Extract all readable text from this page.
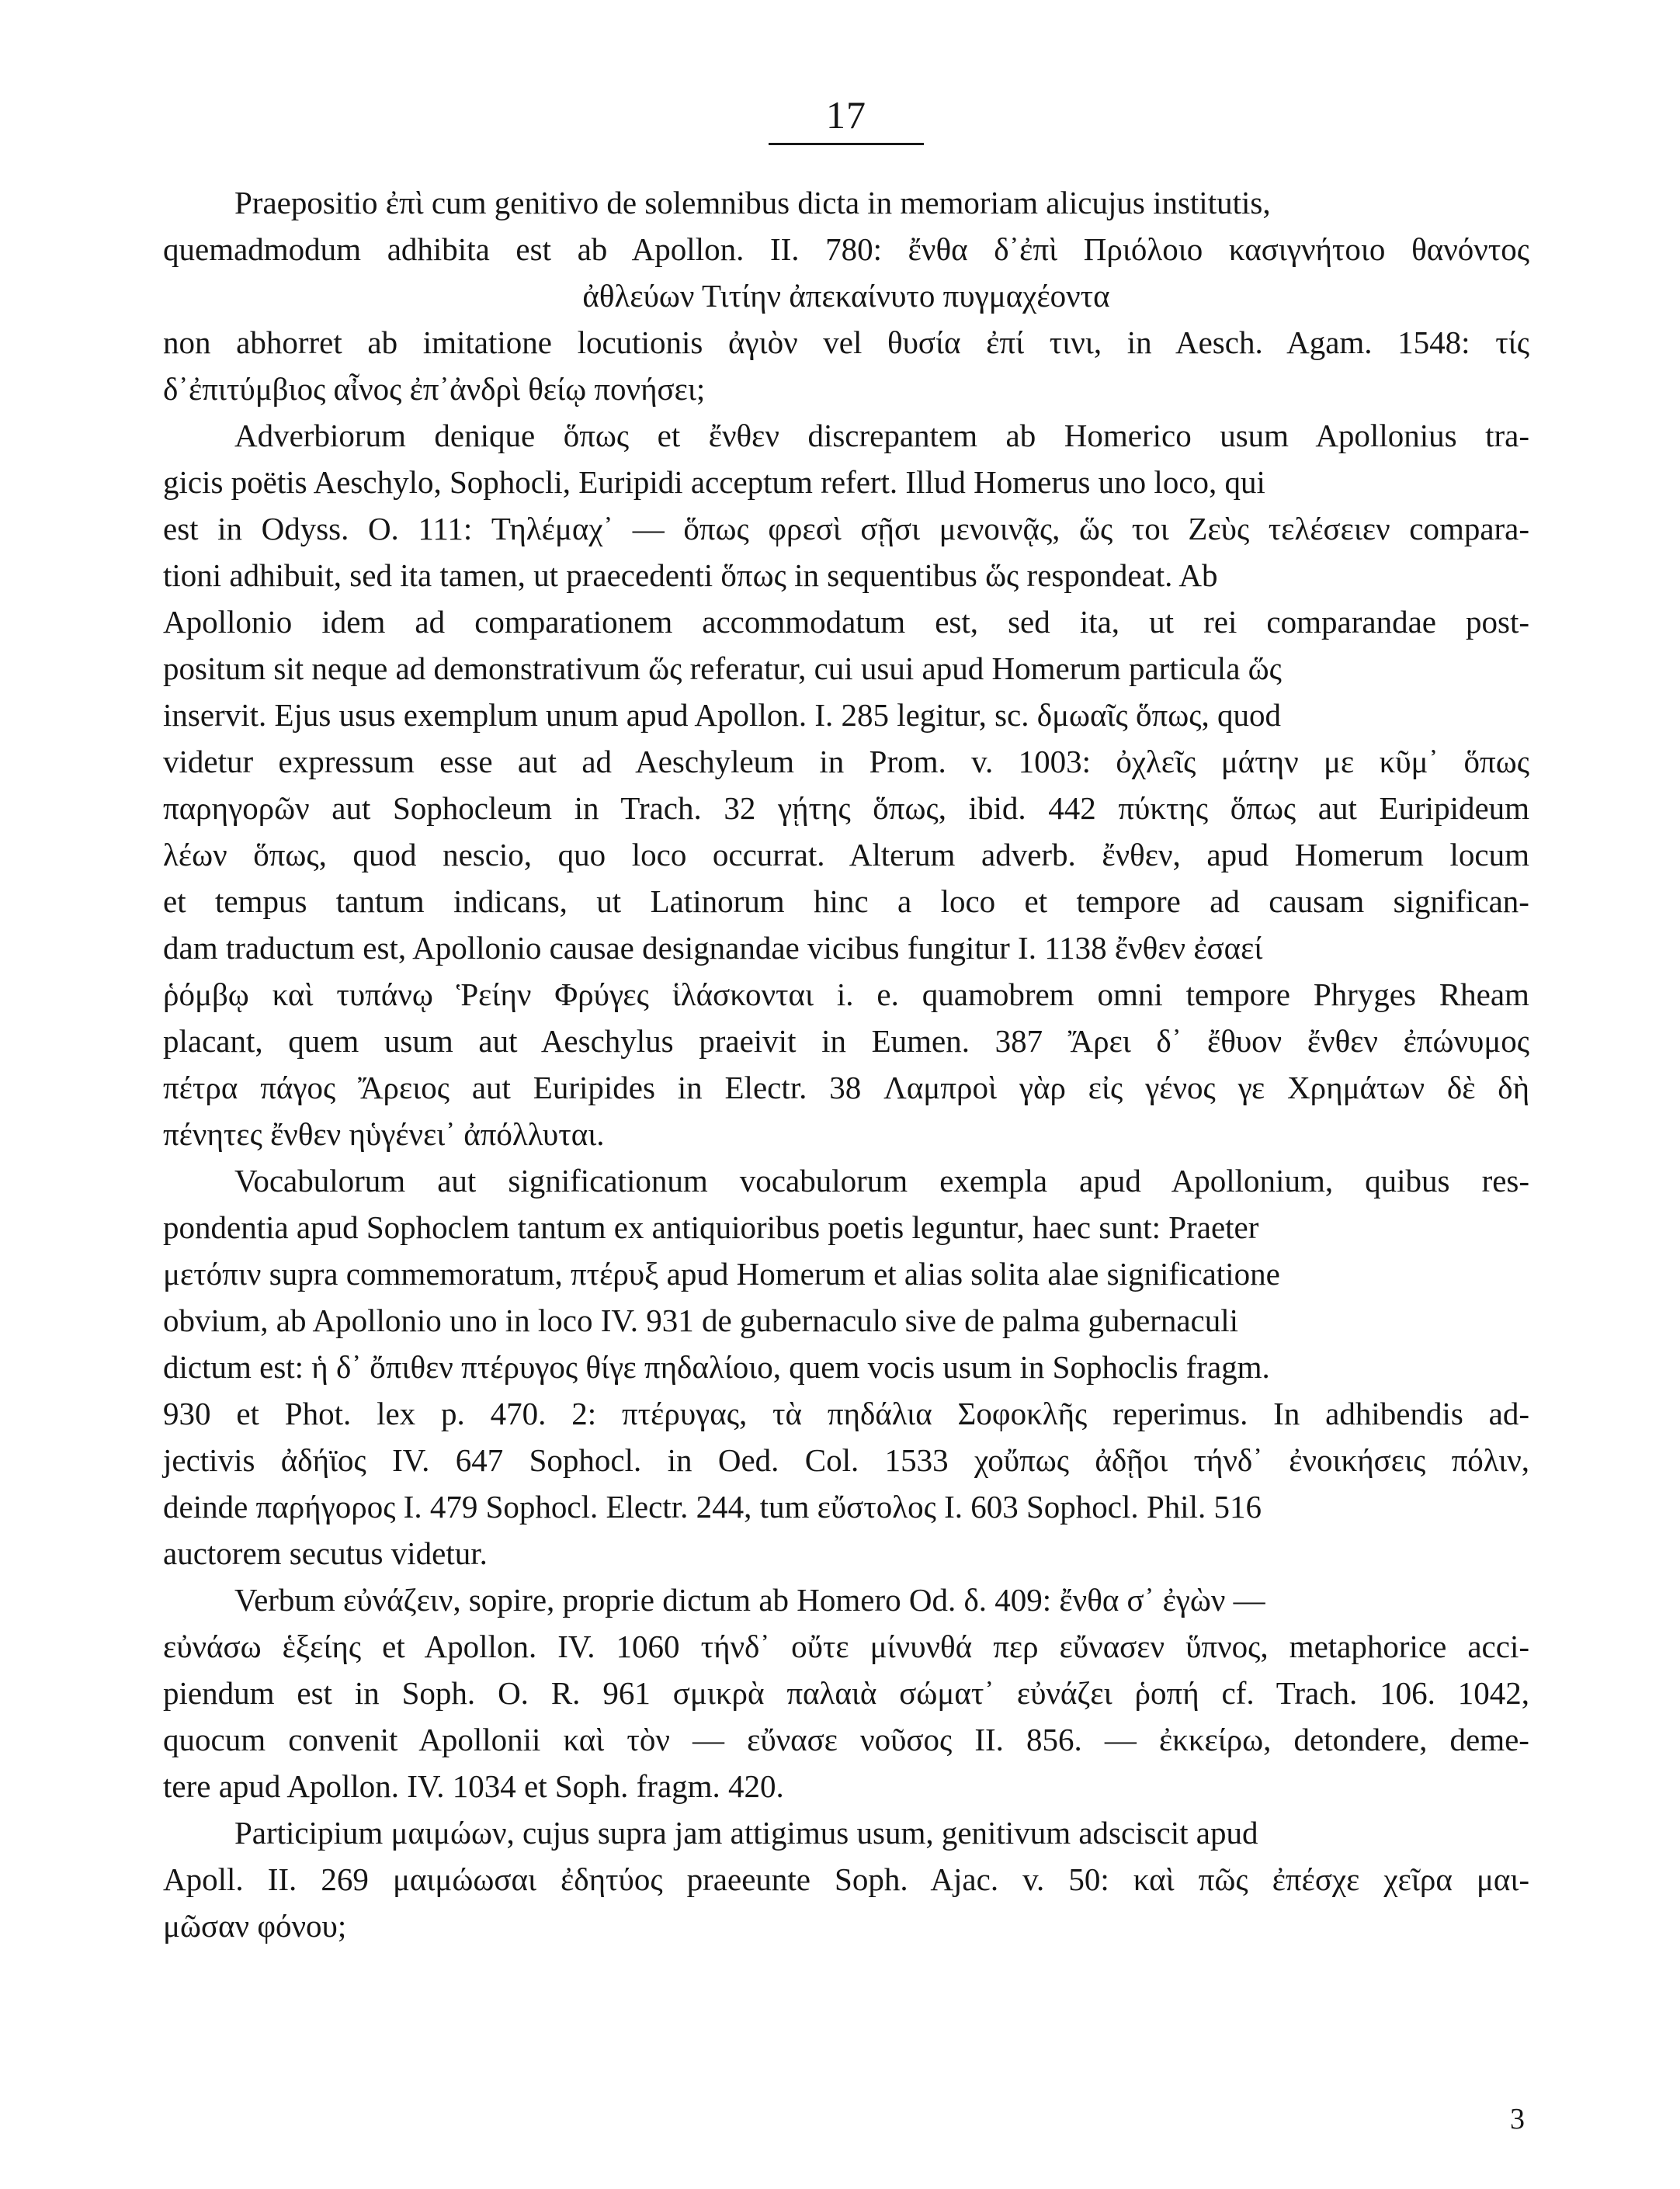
17
Praepositio ἐπὶ cum genitivo de solemnibus dicta in memoriam alicujus institutis,
quemadmodum adhibita est ab Apollon. II. 780: ἔνθα δ᾿ἐπὶ Πριόλοιο κασιγνήτοιο θανόντος
ἀθλεύων Τιτίην ἀπεκαίνυτο πυγμαχέοντα
non abhorret ab imitatione locutionis ἀγιὸν vel θυσία ἐπί τινι, in Aesch. Agam. 1548: τίς
δ᾿ἐπιτύμβιος αἶνος ἐπ᾿ἀνδρὶ θείῳ πονήσει;
Adverbiorum denique ὅπως et ἔνθεν discrepantem ab Homerico usum Apollonius tra-
gicis poëtis Aeschylo, Sophocli, Euripidi acceptum refert. Illud Homerus uno loco, qui
est in Odyss. O. 111: Τηλέμαχ᾿ — ὅπως φρεσὶ σῇσι μενοινᾷς, ὥς τοι Ζεὺς τελέσειεν compara-
tioni adhibuit, sed ita tamen, ut praecedenti ὅπως in sequentibus ὥς respondeat. Ab
Apollonio idem ad comparationem accommodatum est, sed ita, ut rei comparandae post-
positum sit neque ad demonstrativum ὥς referatur, cui usui apud Homerum particula ὥς
inservit. Ejus usus exemplum unum apud Apollon. I. 285 legitur, sc. δμωαῖς ὅπως, quod
videtur expressum esse aut ad Aeschyleum in Prom. v. 1003: ὀχλεῖς μάτην με κῦμ᾿ ὅπως
παρηγορῶν aut Sophocleum in Trach. 32 γῄτης ὅπως, ibid. 442 πύκτης ὅπως aut Euripideum
λέων ὅπως, quod nescio, quo loco occurrat. Alterum adverb. ἔνθεν, apud Homerum locum
et tempus tantum indicans, ut Latinorum hinc a loco et tempore ad causam significan-
dam traductum est, Apollonio causae designandae vicibus fungitur I. 1138 ἔνθεν ἐσαεί
ῥόμβῳ καὶ τυπάνῳ Ῥείην Φρύγες ἱλάσκονται i. e. quamobrem omni tempore Phryges Rheam
placant, quem usum aut Aeschylus praeivit in Eumen. 387 Ἄρει δ᾿ ἔθυον ἔνθεν ἐπώνυμος
πέτρα πάγος Ἄρειος aut Euripides in Electr. 38 Λαμπροὶ γὰρ εἰς γένος γε Χρημάτων δὲ δὴ
πένητες ἔνθεν ηὑγένει᾿ ἀπόλλυται.
Vocabulorum aut significationum vocabulorum exempla apud Apollonium, quibus res-
pondentia apud Sophoclem tantum ex antiquioribus poetis leguntur, haec sunt: Praeter
μετόπιν supra commemoratum, πτέρυξ apud Homerum et alias solita alae significatione
obvium, ab Apollonio uno in loco IV. 931 de gubernaculo sive de palma gubernaculi
dictum est: ἡ δ᾿ ὄπιθεν πτέρυγος θίγε πηδαλίοιο, quem vocis usum in Sophoclis fragm.
930 et Phot. lex p. 470. 2: πτέρυγας, τὰ πηδάλια Σοφοκλῆς reperimus. In adhibendis ad-
jectivis ἀδήϊος IV. 647 Sophocl. in Oed. Col. 1533 χοὔπως ἀδῇοι τήνδ᾿ ἐνοικήσεις πόλιν,
deinde παρήγορος I. 479 Sophocl. Electr. 244, tum εὔστολος I. 603 Sophocl. Phil. 516
auctorem secutus videtur.
Verbum εὐνάζειν, sopire, proprie dictum ab Homero Od. δ. 409: ἔνθα σ᾿ ἐγὼν —
εὐνάσω ἑξείης et Apollon. IV. 1060 τήνδ᾿ οὔτε μίνυνθά περ εὔνασεν ὕπνος, metaphorice acci-
piendum est in Soph. O. R. 961 σμικρὰ παλαιὰ σώματ᾿ εὐνάζει ῥοπή cf. Trach. 106. 1042,
quocum convenit Apollonii καὶ τὸν — εὔνασε νοῦσος II. 856. — ἐκκείρω, detondere, deme-
tere apud Apollon. IV. 1034 et Soph. fragm. 420.
Participium μαιμώων, cujus supra jam attigimus usum, genitivum adsciscit apud
Apoll. II. 269 μαιμώωσαι ἐδητύος praeeunte Soph. Ajac. v. 50: καὶ πῶς ἐπέσχε χεῖρα μαι-
μῶσαν φόνου;
3
